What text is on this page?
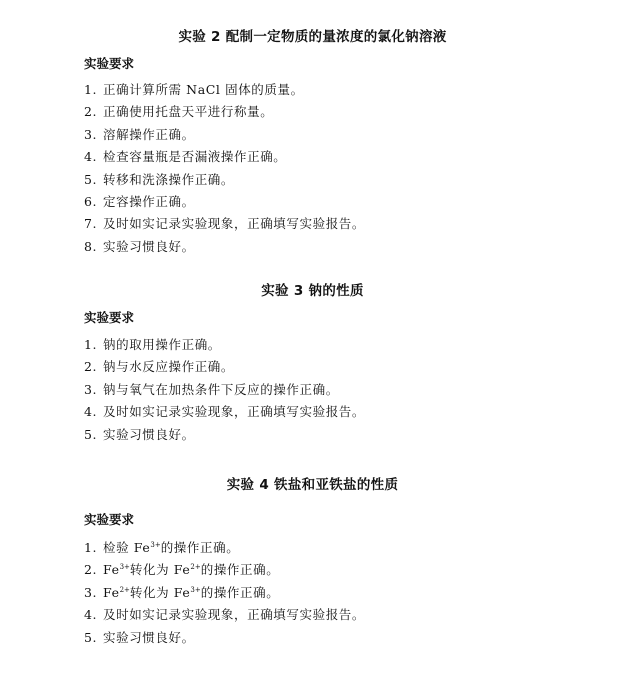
实验 2 配制一定物质的量浓度的氯化钠溶液
实验要求
1. 正确计算所需 NaCl 固体的质量。
2. 正确使用托盘天平进行称量。
3. 溶解操作正确。
4. 检查容量瓶是否漏液操作正确。
5. 转移和洗涤操作正确。
6. 定容操作正确。
7. 及时如实记录实验现象，正确填写实验报告。
8. 实验习惯良好。
实验 3 钠的性质
实验要求
1. 钠的取用操作正确。
2. 钠与水反应操作正确。
3. 钠与氧气在加热条件下反应的操作正确。
4. 及时如实记录实验现象，正确填写实验报告。
5. 实验习惯良好。
实验 4 铁盐和亚铁盐的性质
实验要求
1. 检验 $Fe^{3+}$的操作正确。
2. $Fe^{3+}$转化为 $Fe^{2+}$的操作正确。
3. $Fe^{2+}$转化为 $Fe^{3+}$的操作正确。
4. 及时如实记录实验现象，正确填写实验报告。
5. 实验习惯良好。
